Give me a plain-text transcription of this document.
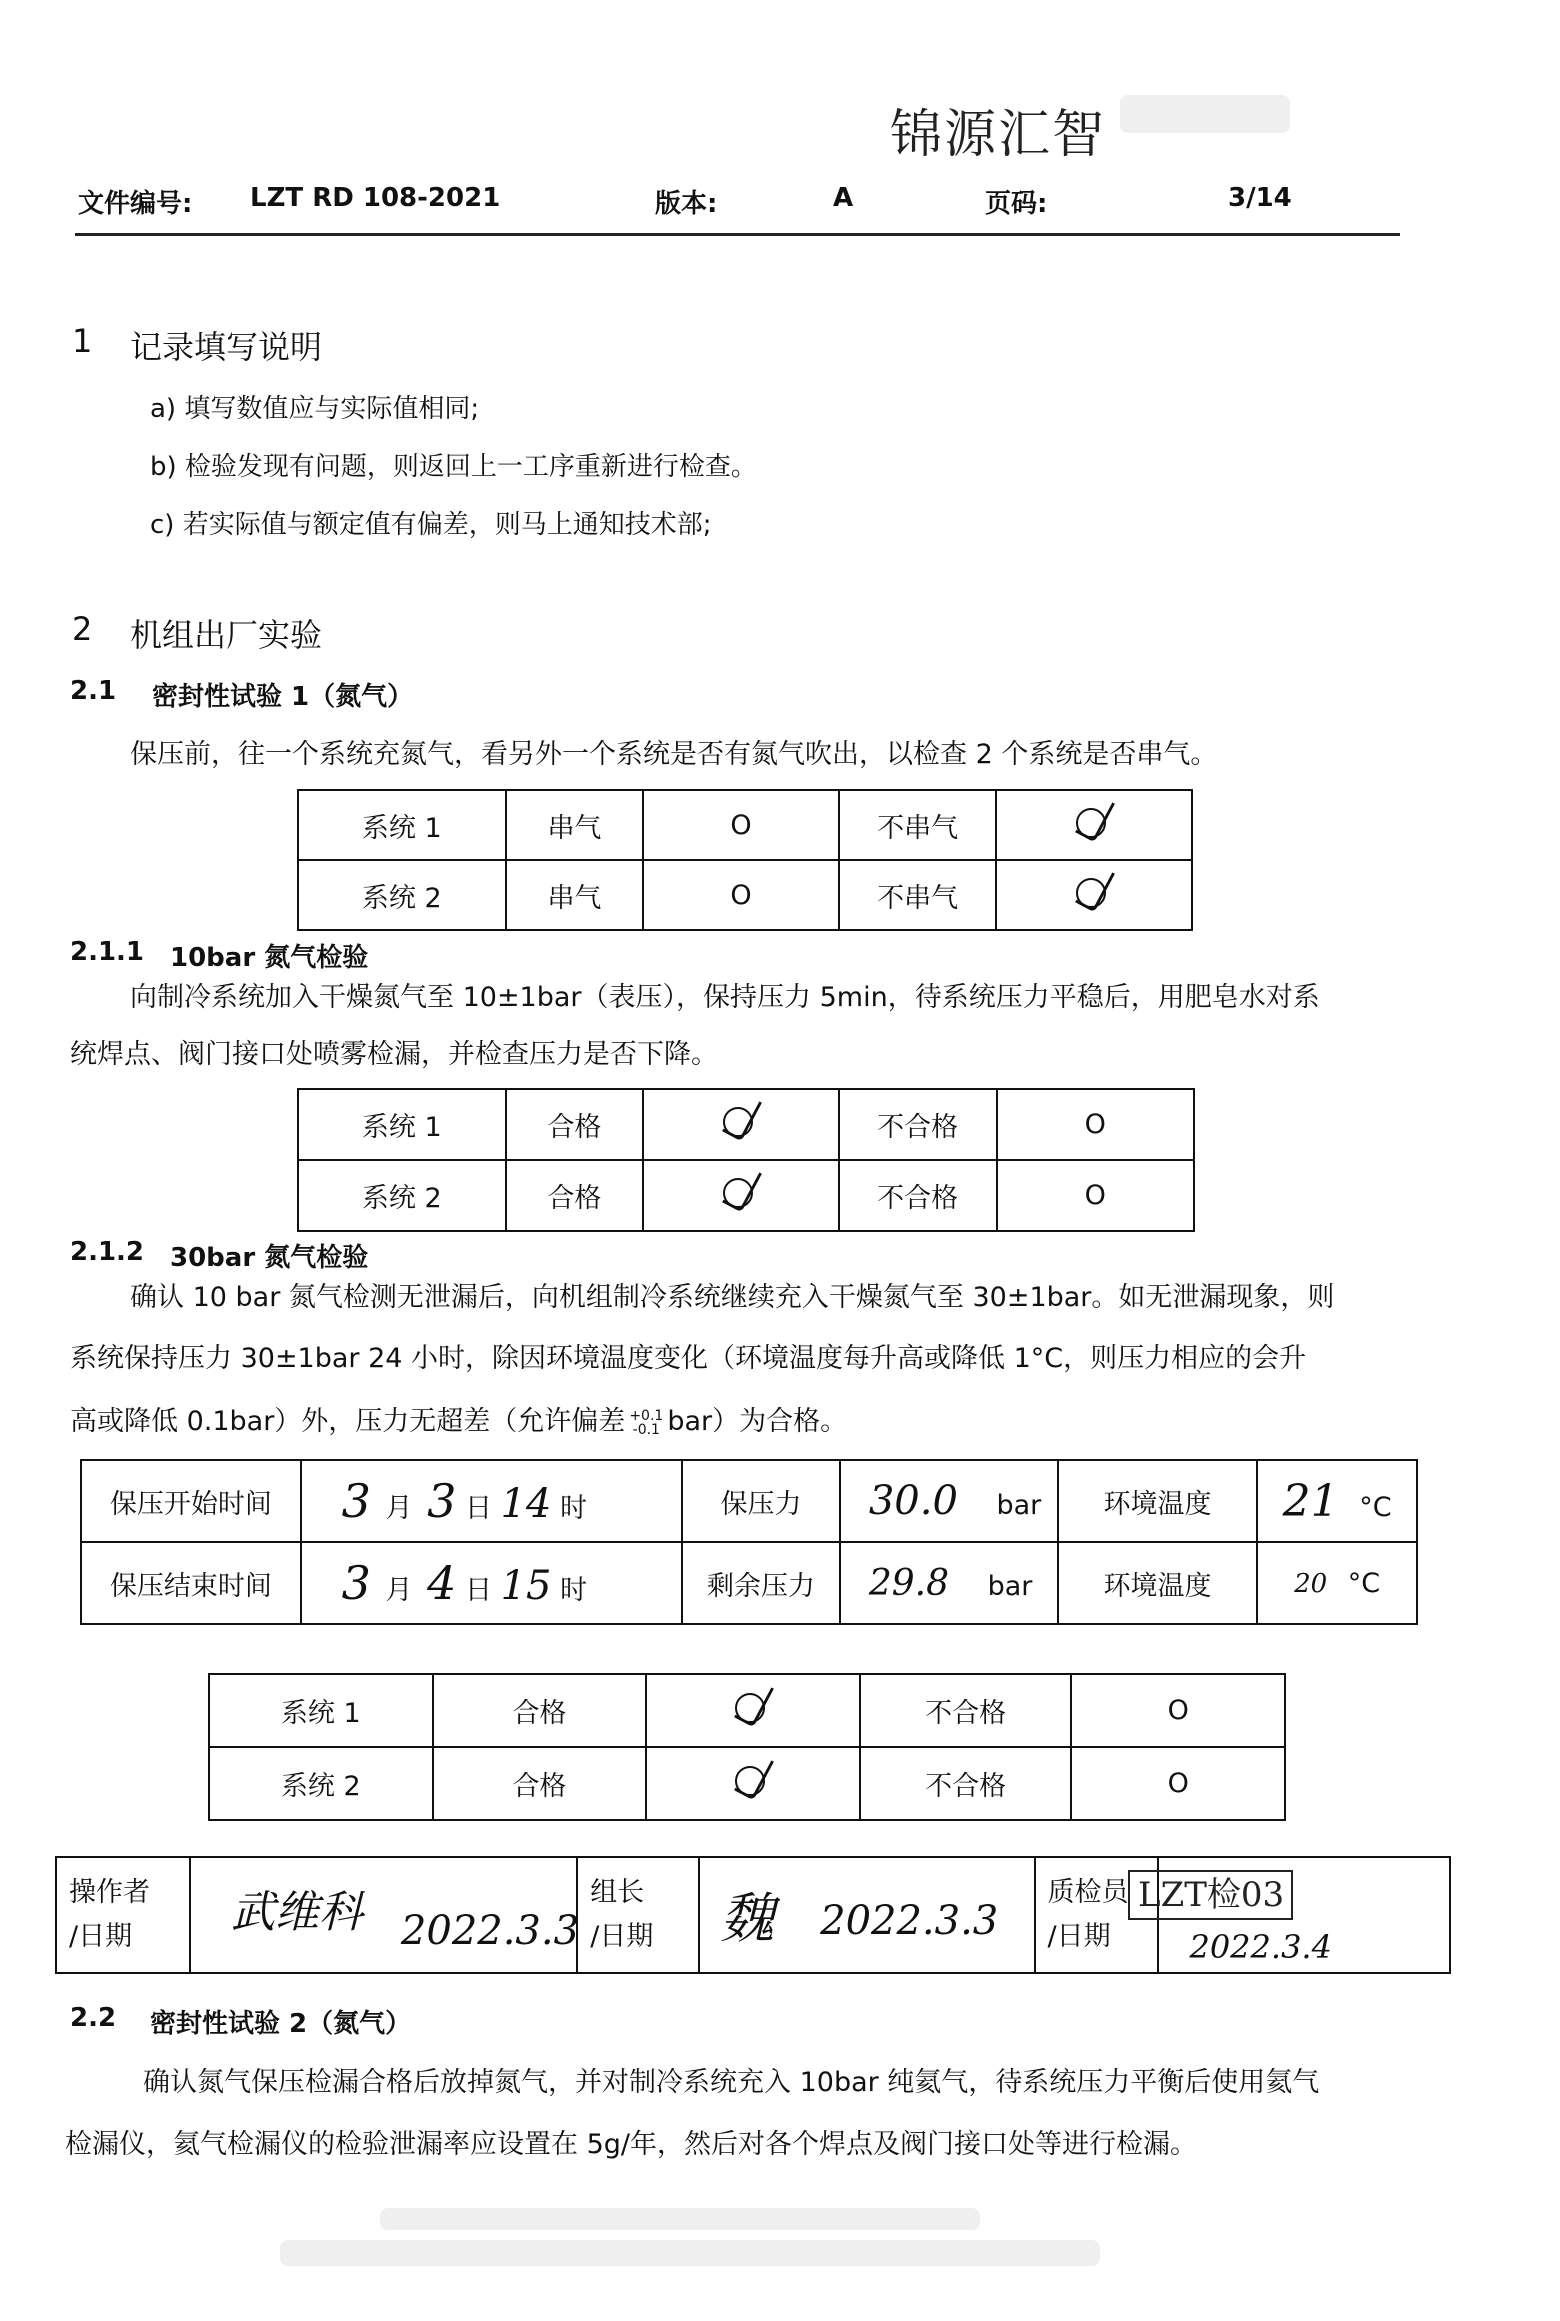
锦源汇智
文件编号: LZT RD 108-2021	版本:	A	页码:	3/14
1 记录填写说明
a) 填写数值应与实际值相同;
b) 检验发现有问题，则返回上一工序重新进行检查。
c) 若实际值与额定值有偏差，则马上通知技术部;
2 机组出厂实验
2.1 密封性试验 1（氮气）
保压前，往一个系统充氮气，看另外一个系统是否有氮气吹出，以检查 2 个系统是否串气。
系统 1	串气	O	不串气	

系统 2	串气	O	不串气	
2.1.1 10bar 氮气检验
向制冷系统加入干燥氮气至 10±1bar（表压），保持压力 5min，待系统压力平稳后，用肥皂水对系
统焊点、阀门接口处喷雾检漏，并检查压力是否下降。
系统 1	合格		不合格	O
系统 2	合格		不合格	O
2.1.2 30bar 氮气检验
确认 10 bar 氮气检测无泄漏后，向机组制冷系统继续充入干燥氮气至 30±1bar。如无泄漏现象，则
系统保持压力 30±1bar 24 小时，除因环境温度变化（环境温度每升高或降低 1°C，则压力相应的会升
高或降低 0.1bar）外，压力无超差（允许偏差 +0.1
-0.1 bar）为合格。
保压开始时间	3 月 3 日 14 时	保压力	30.0 bar	环境温度	21 °C
保压结束时间	3 月 4 日 15 时	剩余压力	29.8 bar	环境温度	20 °C
系统 1	合格		不合格	O
系统 2	合格		不合格	O
操作者
/日期	武维科 2022.3.3

组长
/日期	魏 2022.3.3

质检员
/日期	2022.3.4
LZT检03
2.2 密封性试验 2（氮气）
确认氮气保压检漏合格后放掉氮气，并对制冷系统充入 10bar 纯氦气，待系统压力平衡后使用氦气
检漏仪，氦气检漏仪的检验泄漏率应设置在 5g/年，然后对各个焊点及阀门接口处等进行检漏。
